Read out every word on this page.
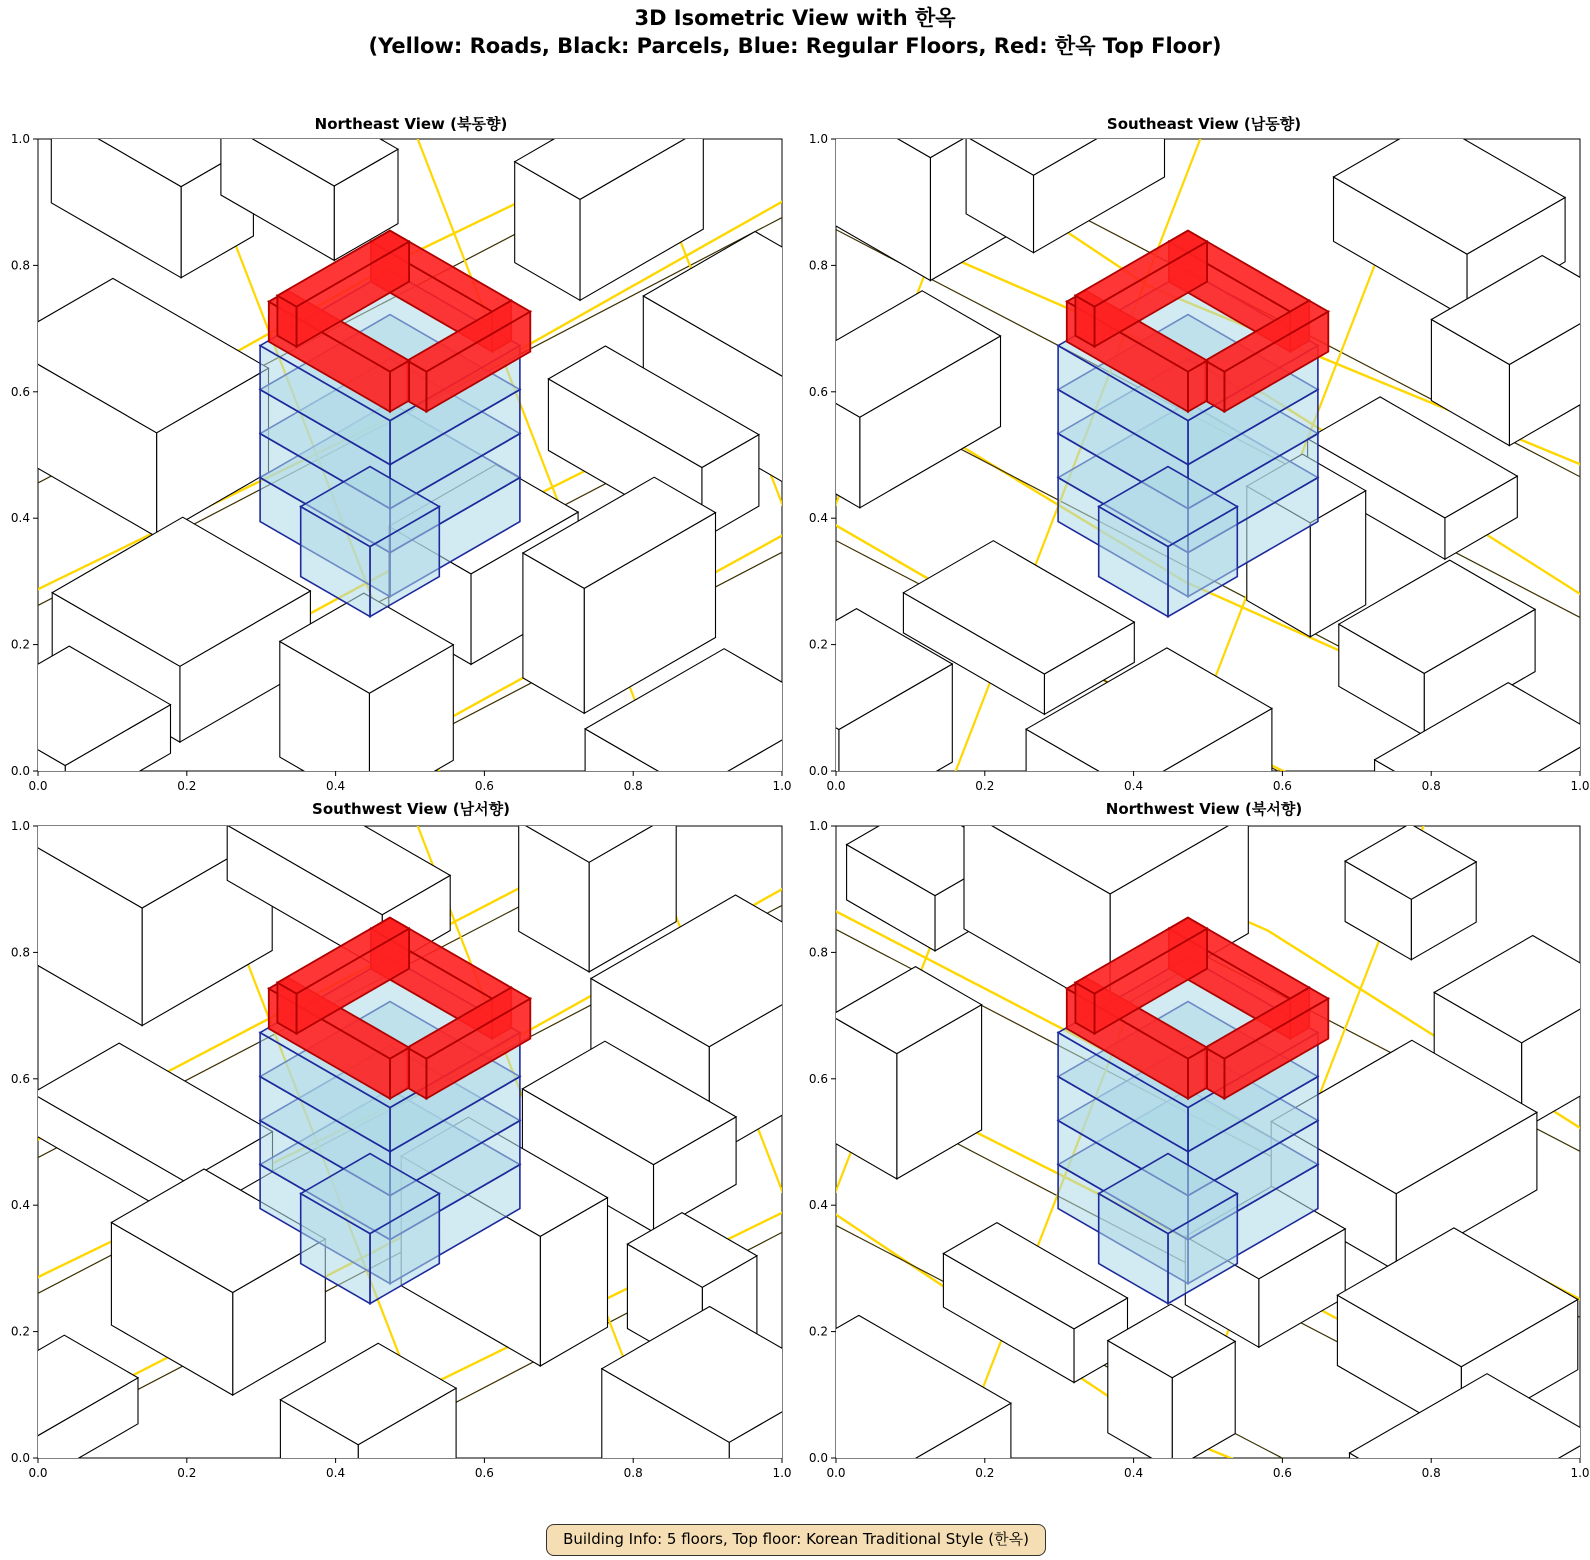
3D Isometric View with 한옥
(Yellow: Roads, Black: Parcels, Blue: Regular Floors, Red: 한옥 Top Floor)
Northeast View (북동향)
0.0	0.2	0.4	0.6	0.8	1.0
0.0
0.2
0.4
0.6
0.8
1.0
Southeast View (남동향)
0.0	0.2	0.4	0.6	0.8	1.0
0.0
0.2
0.4
0.6
0.8
1.0
Southwest View (남서향)
0.0	0.2	0.4	0.6	0.8	1.0
0.0
0.2
0.4
0.6
0.8
1.0
Northwest View (북서향)
0.0	0.2	0.4	0.6	0.8	1.0
0.0
0.2
0.4
0.6
0.8
1.0
Building Info: 5 floors, Top floor: Korean Traditional Style (한옥)
